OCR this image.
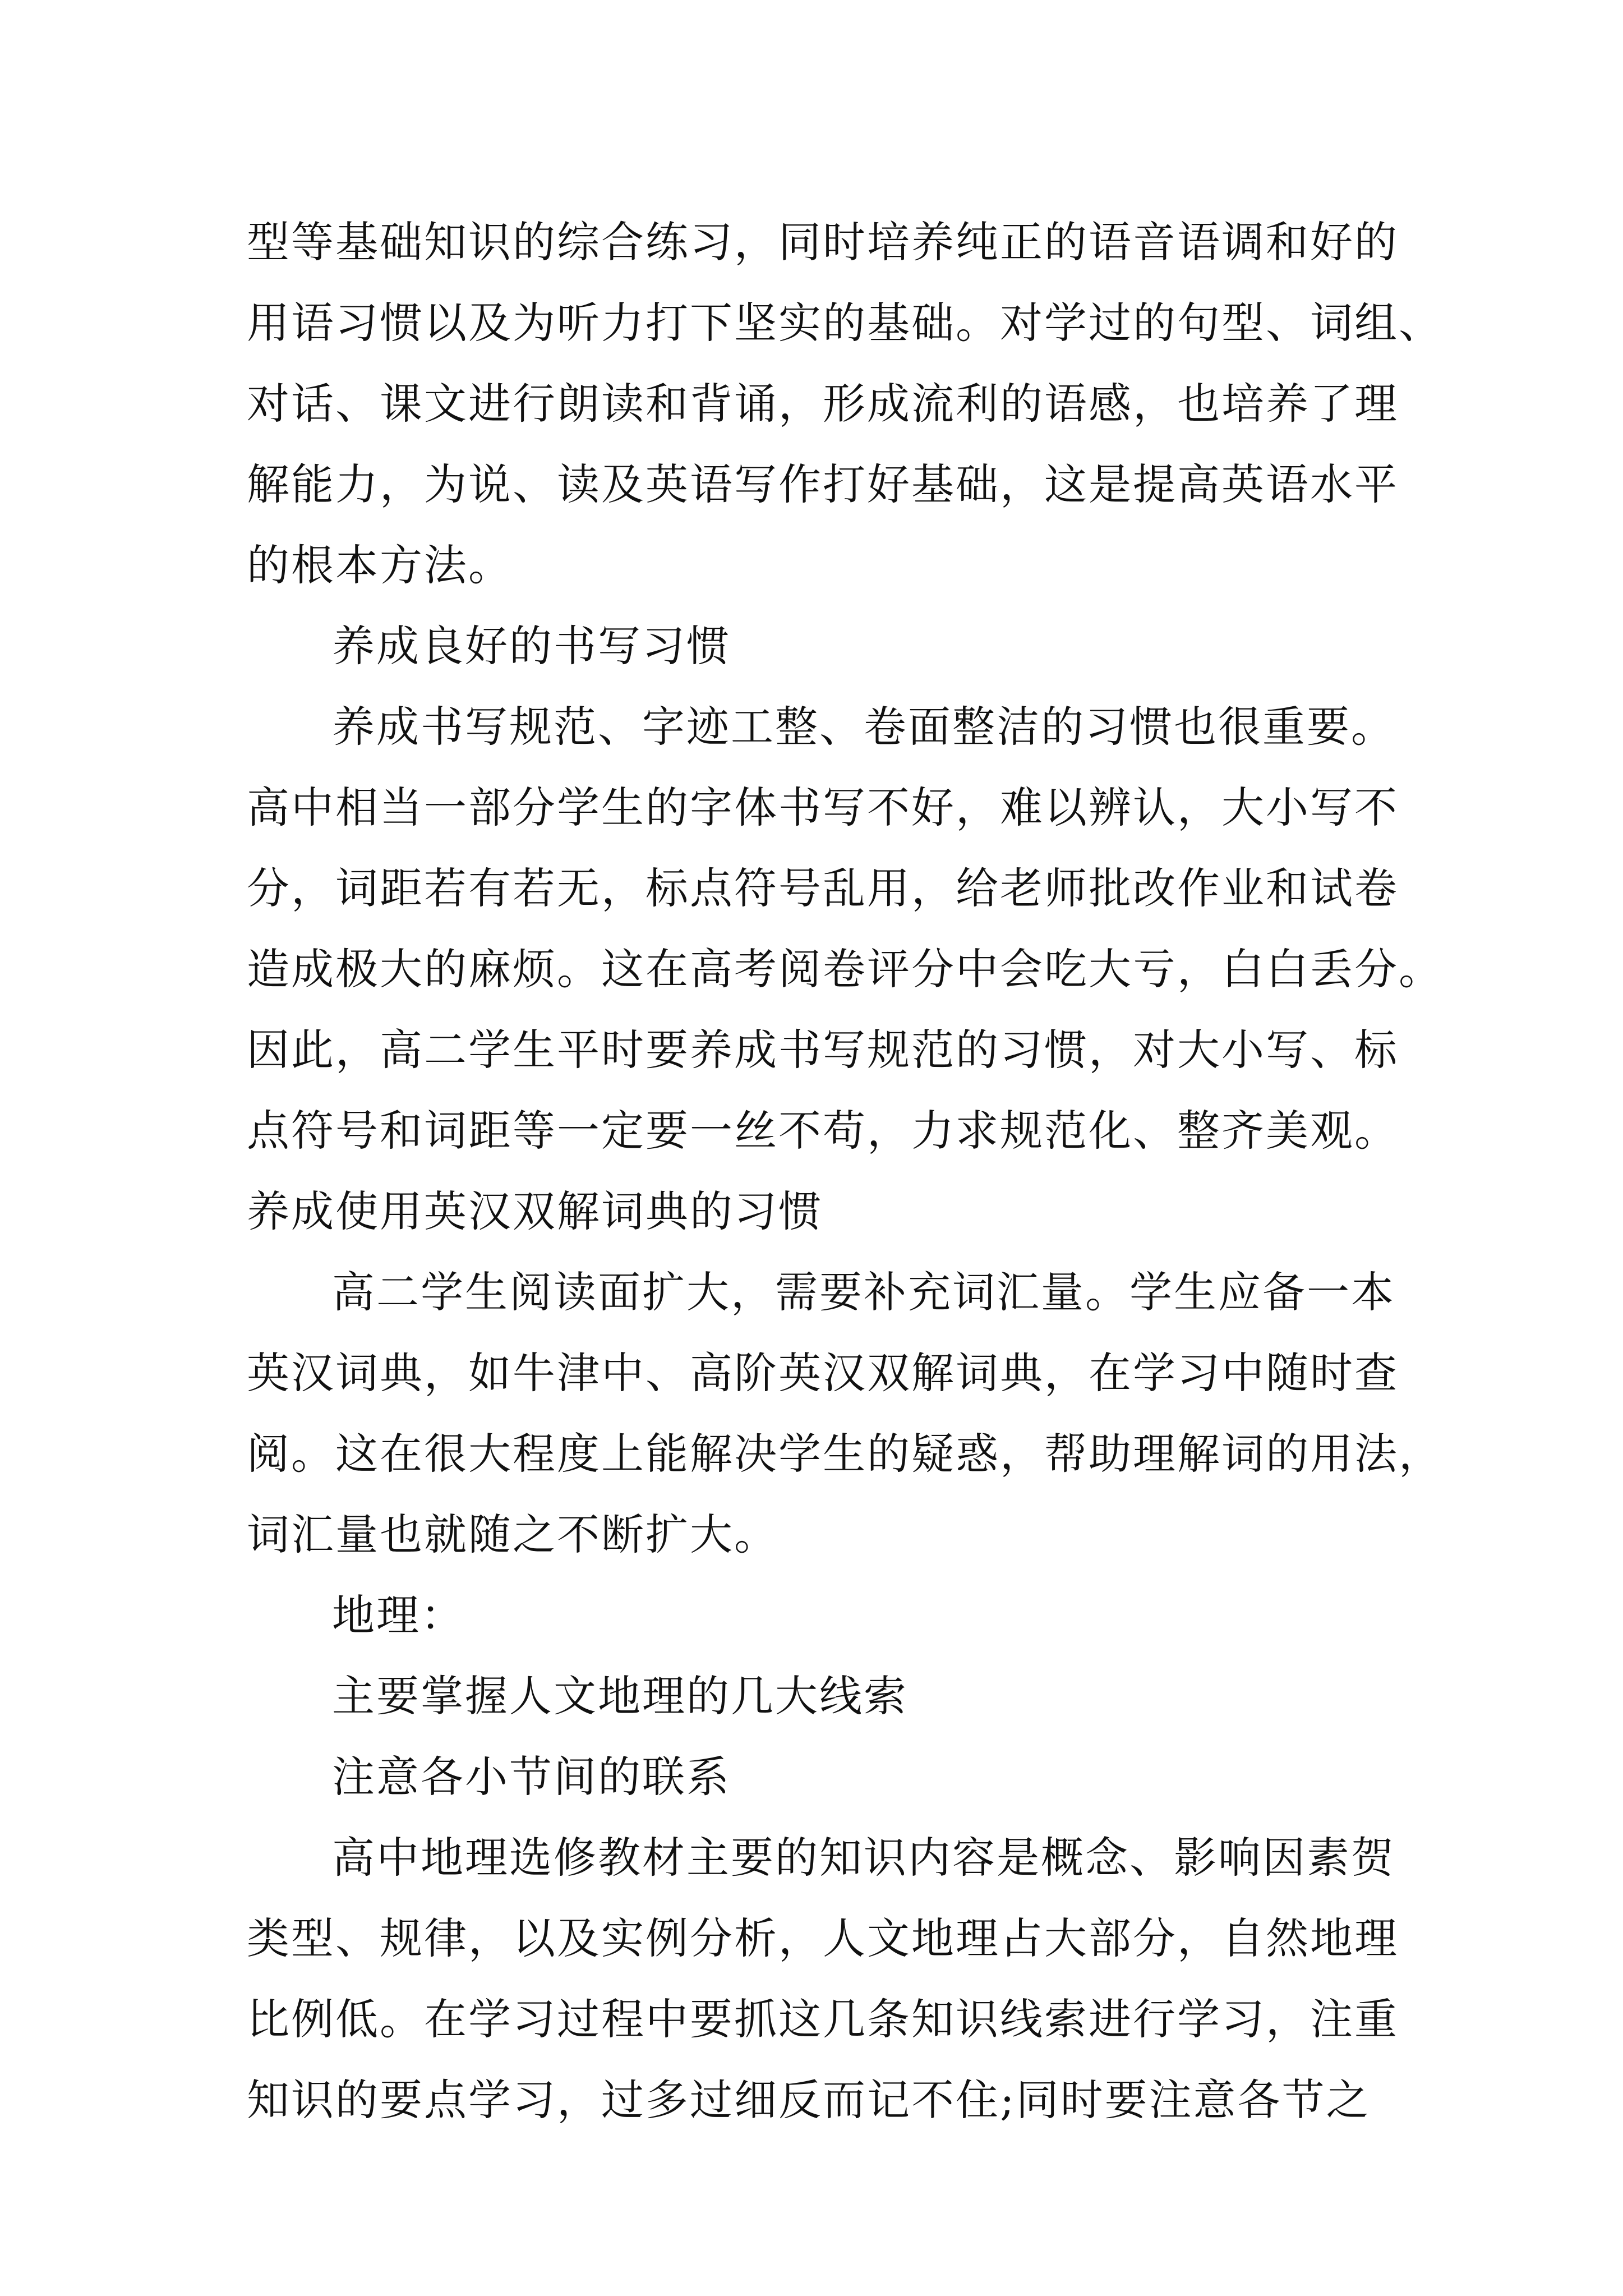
型等基础知识的综合练习，同时培养纯正的语音语调和好的
用语习惯以及为听力打下坚实的基础。对学过的句型、词组、
对话、课文进行朗读和背诵，形成流利的语感，也培养了理
解能力，为说、读及英语写作打好基础，这是提高英语水平
的根本方法。
养成良好的书写习惯
养成书写规范、字迹工整、卷面整洁的习惯也很重要。
高中相当一部分学生的字体书写不好，难以辨认，大小写不
分，词距若有若无，标点符号乱用，给老师批改作业和试卷
造成极大的麻烦。这在高考阅卷评分中会吃大亏，白白丢分。
因此，高二学生平时要养成书写规范的习惯，对大小写、标
点符号和词距等一定要一丝不苟，力求规范化、整齐美观。
养成使用英汉双解词典的习惯
高二学生阅读面扩大，需要补充词汇量。学生应备一本
英汉词典，如牛津中、高阶英汉双解词典，在学习中随时查
阅。这在很大程度上能解决学生的疑惑，帮助理解词的用法，
词汇量也就随之不断扩大。
地理：
主要掌握人文地理的几大线索
注意各小节间的联系
高中地理选修教材主要的知识内容是概念、影响因素贺
类型、规律，以及实例分析，人文地理占大部分，自然地理
比例低。在学习过程中要抓这几条知识线索进行学习，注重
知识的要点学习，过多过细反而记不住;同时要注意各节之
